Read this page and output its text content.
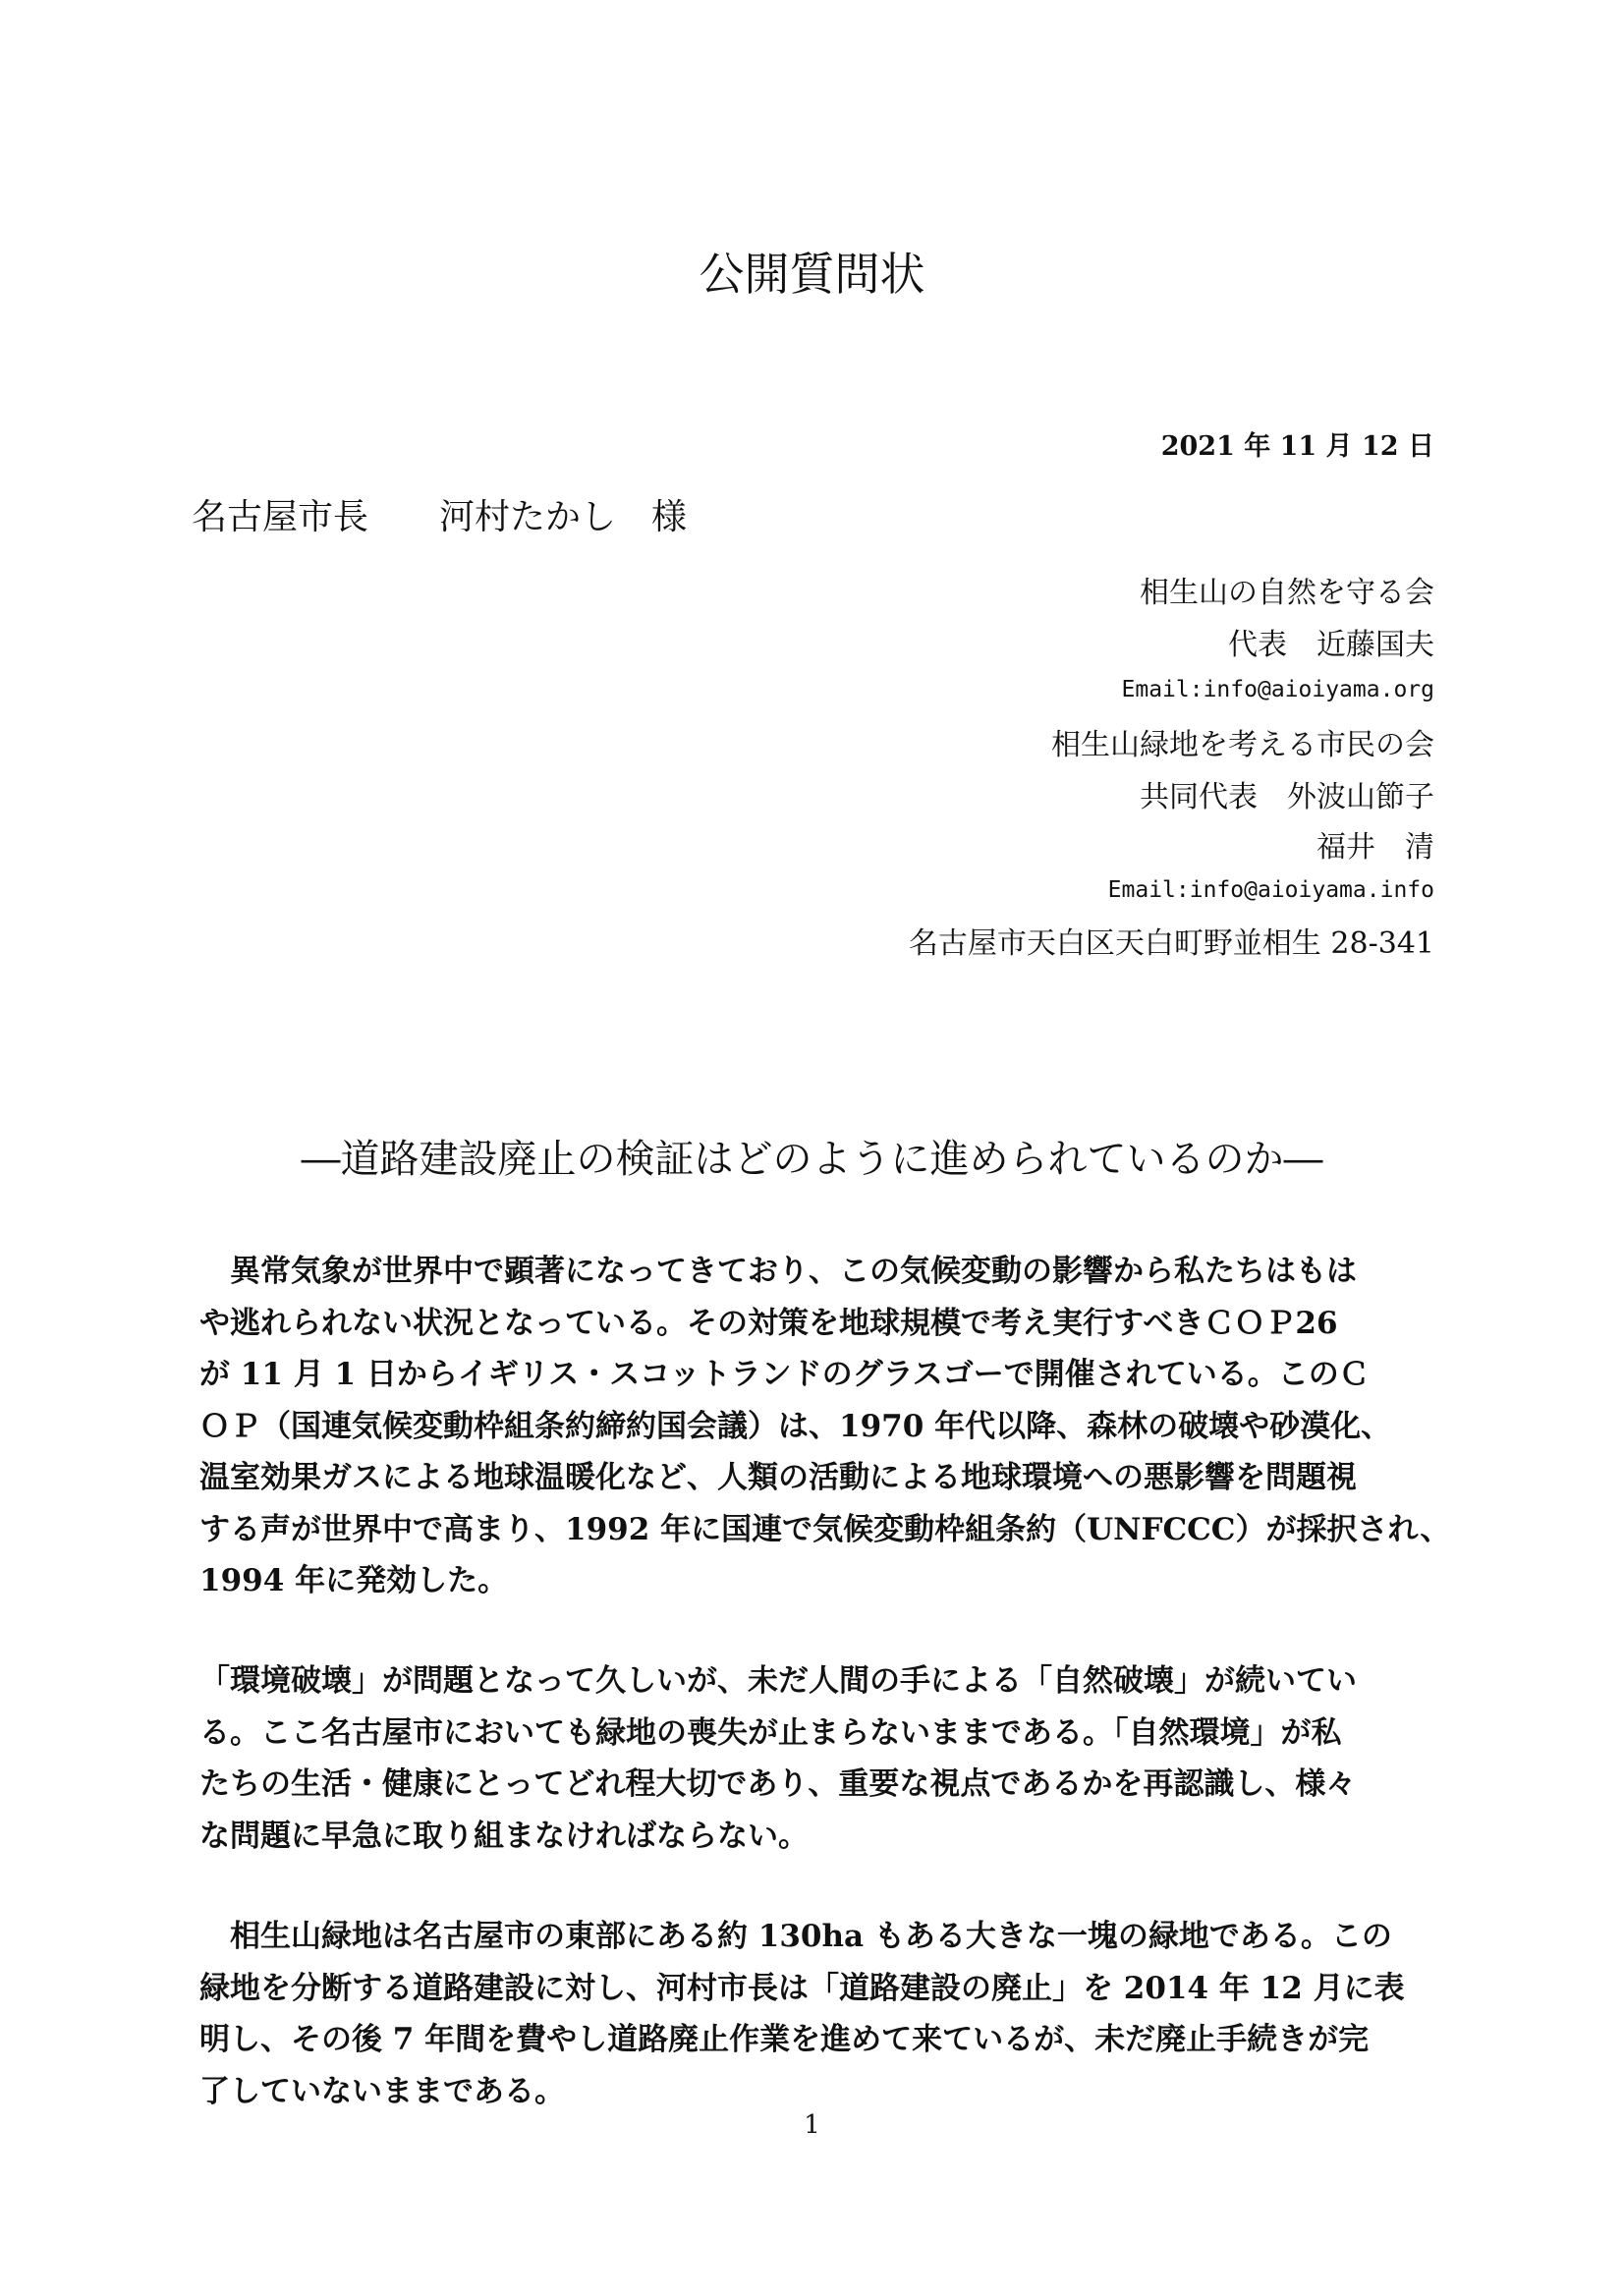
公開質問状
2021 年 11 月 12 日
名古屋市長　　河村たかし　様
相生山の自然を守る会
代表　近藤国夫
Email:info@aioiyama.org
相生山緑地を考える市民の会
共同代表　外波山節子
福井　清　
Email:info@aioiyama.info
名古屋市天白区天白町野並相生 28-341
―道路建設廃止の検証はどのように進められているのか―
　異常気象が世界中で顕著になってきており、この気候変動の影響から私たちはもは
や逃れられない状況となっている。その対策を地球規模で考え実行すべきＣＯＰ26
が 11 月 1 日からイギリス・スコットランドのグラスゴーで開催されている。このＣ
ＯＰ（国連気候変動枠組条約締約国会議）は、1970 年代以降、森林の破壊や砂漠化、
温室効果ガスによる地球温暖化など、人類の活動による地球環境への悪影響を問題視
する声が世界中で高まり、1992 年に国連で気候変動枠組条約（UNFCCC）が採択され、
1994 年に発効した。
「環境破壊」が問題となって久しいが、未だ人間の手による「自然破壊」が続いてい
る。ここ名古屋市においても緑地の喪失が止まらないままである。「自然環境」が私
たちの生活・健康にとってどれ程大切であり、重要な視点であるかを再認識し、様々
な問題に早急に取り組まなければならない。
　相生山緑地は名古屋市の東部にある約 130ha もある大きな一塊の緑地である。この
緑地を分断する道路建設に対し、河村市長は「道路建設の廃止」を 2014 年 12 月に表
明し、その後 7 年間を費やし道路廃止作業を進めて来ているが、未だ廃止手続きが完
了していないままである。
1
